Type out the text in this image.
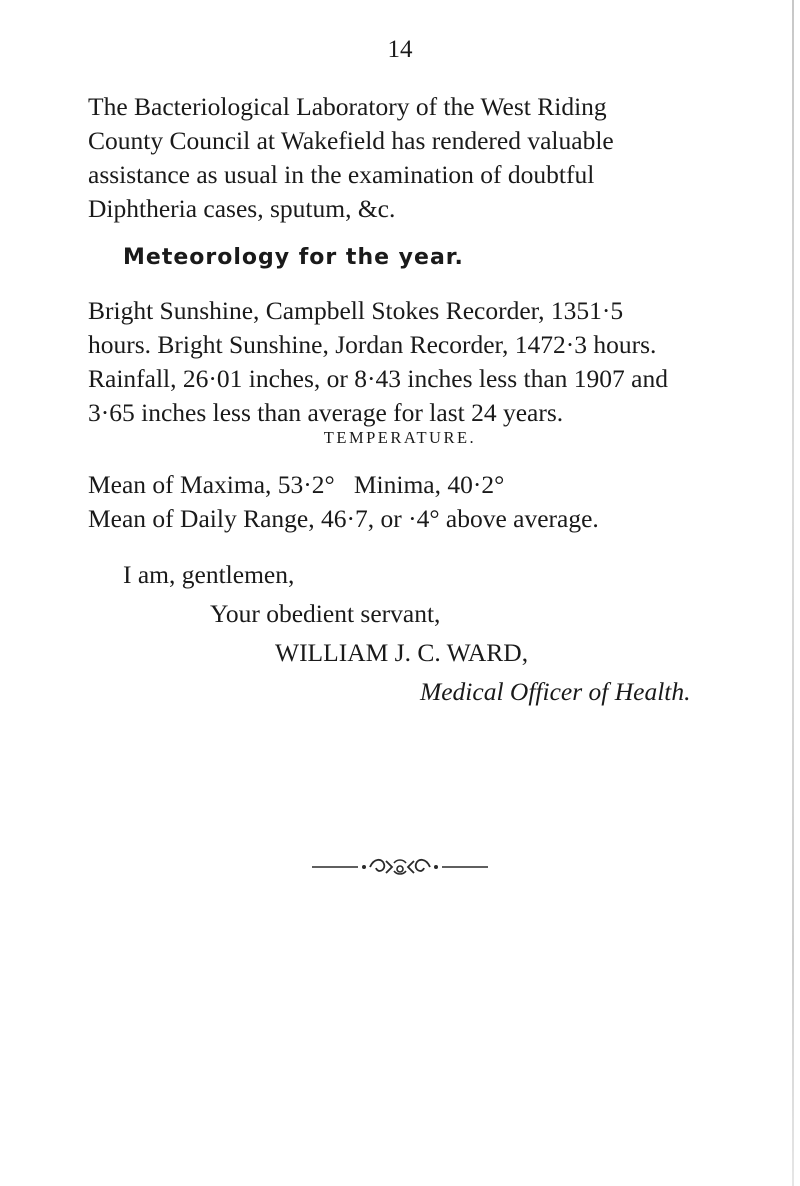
14
The Bacteriological Laboratory of the West Riding
County Council at Wakefield has rendered valuable
assistance as usual in the examination of doubtful
Diphtheria cases, sputum, &c.
Meteorology for the year.
Bright Sunshine, Campbell Stokes Recorder, 1351·5
hours. Bright Sunshine, Jordan Recorder, 1472·3 hours.
Rainfall, 26·01 inches, or 8·43 inches less than 1907 and
3·65 inches less than average for last 24 years.
TEMPERATURE.
Mean of Maxima, 53·2°   Minima, 40·2°
Mean of Daily Range, 46·7, or ·4° above average.
I am, gentlemen,
Your obedient servant,
WILLIAM J. C. WARD,
Medical Officer of Health.
